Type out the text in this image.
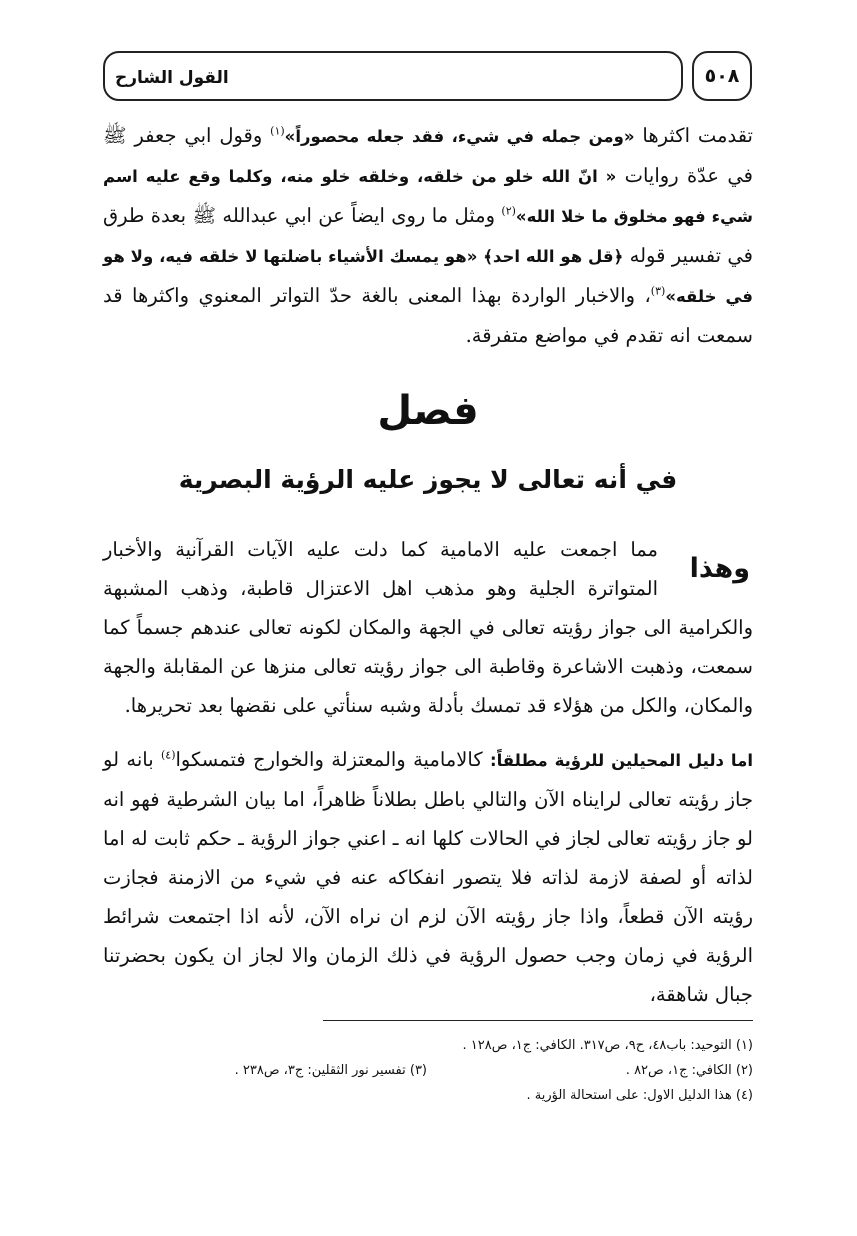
القول الشارح	٥٠٨
تقدمت اكثرها «ومن جمله في شيء، فقد جعله محصوراً»$^{(١)}$ وقول ابي جعفر ﷺ في عدّة روايات « انّ الله خلو من خلقه، وخلقه خلو منه، وكلما وقع عليه اسم شيء فهو مخلوق ما خلا الله»$^{(٢)}$ ومثل ما روى ايضاً عن ابي عبدالله ﷺ بعدة طرق في تفسير قوله ﴿قل هو الله احد﴾ «هو يمسك الأشياء باضلتها لا خلقه فيه، ولا هو في خلقه»$^{(٣)}$، والاخبار الواردة بهذا المعنى بالغة حدّ التواتر المعنوي واكثرها قد سمعت انه تقدم في مواضع متفرقة.
فصل
في أنه تعالى لا يجوز عليه الرؤية البصرية
وهذا
مما اجمعت عليه الامامية كما دلت عليه الآيات القرآنية والأخبار
المتواترة الجلية وهو مذهب اهل الاعتزال قاطبة، وذهب المشبهة
والكرامية الى جواز رؤيته تعالى في الجهة والمكان لكونه تعالى عندهم جسماً كما سمعت، وذهبت الاشاعرة وقاطبة الى جواز رؤيته تعالى منزها عن المقابلة والجهة والمكان، والكل من هؤلاء قد تمسك بأدلة وشبه سنأتي على نقضها بعد تحريرها.
اما دليل المحيلين للرؤية مطلقاً: كالامامية والمعتزلة والخوارج فتمسكوا$^{(٤)}$ بانه لو جاز رؤيته تعالى لرايناه الآن والتالي باطل بطلاناً ظاهراً، اما بيان الشرطية فهو انه لو جاز رؤيته تعالى لجاز في الحالات كلها انه ـ اعني جواز الرؤية ـ حكم ثابت له اما لذاته أو لصفة لازمة لذاته فلا يتصور انفكاكه عنه في شيء من الازمنة فجازت رؤيته الآن قطعاً، واذا جاز رؤيته الآن لزم ان نراه الآن، لأنه اذا اجتمعت شرائط الرؤية في زمان وجب حصول الرؤية في ذلك الزمان والا لجاز ان يكون بحضرتنا جبال شاهقة،
(١) التوحيد: باب٤٨، ح٩، ص٣١٧. الكافي: ج١، ص١٢٨ .
(٢) الكافي: ج١، ص٨٢ .
(٣) تفسير نور الثقلين: ج٣، ص٢٣٨ .
(٤) هذا الدليل الاول: على استحالة الؤرية .
